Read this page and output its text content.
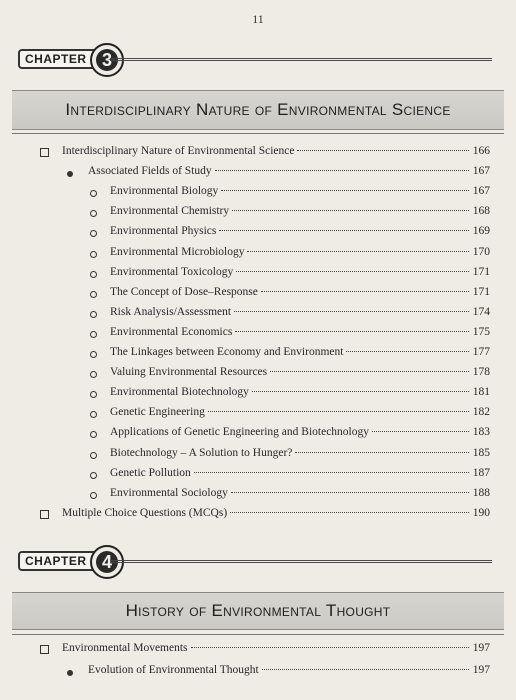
11
CHAPTER 3
Interdisciplinary Nature of Environmental Science
Interdisciplinary Nature of Environmental Science	166
Associated Fields of Study	167
Environmental Biology	167
Environmental Chemistry	168
Environmental Physics	169
Environmental Microbiology	170
Environmental Toxicology	171
The Concept of Dose–Response	171
Risk Analysis/Assessment	174
Environmental Economics	175
The Linkages between Economy and Environment	177
Valuing Environmental Resources	178
Environmental Biotechnology	181
Genetic Engineering	182
Applications of Genetic Engineering and Biotechnology	183
Biotechnology – A Solution to Hunger?	185
Genetic Pollution	187
Environmental Sociology	188
Multiple Choice Questions (MCQs)	190
CHAPTER 4
History of Environmental Thought
Environmental Movements	197
Evolution of Environmental Thought	197
